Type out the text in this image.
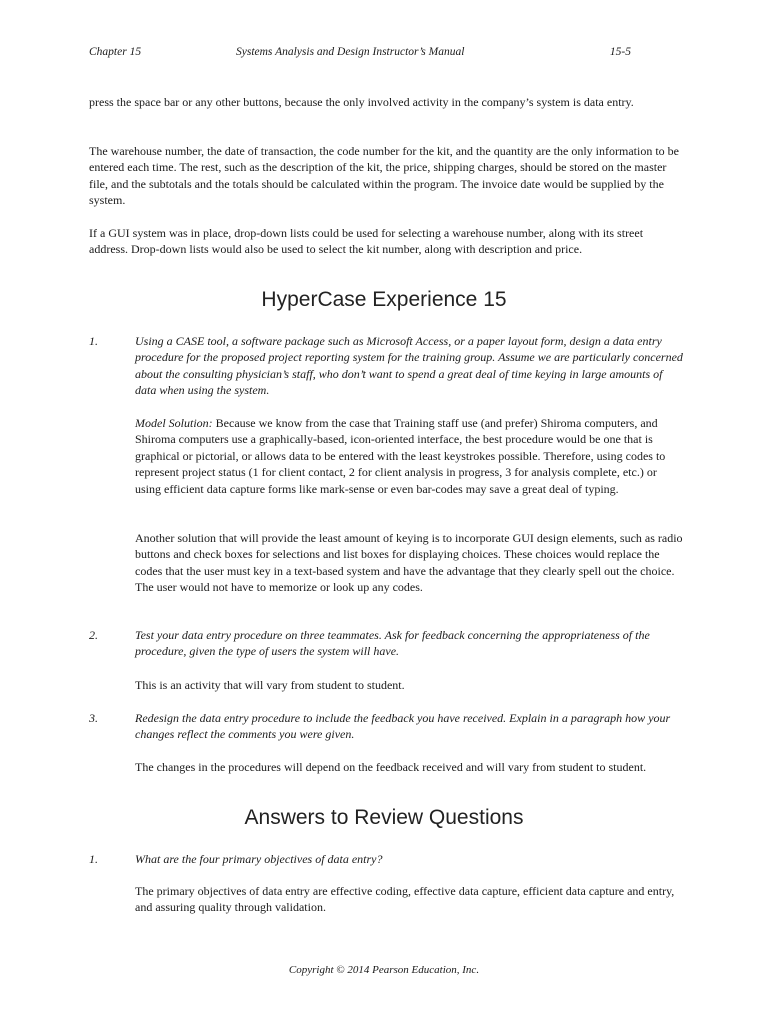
Chapter 15	Systems Analysis and Design Instructor’s Manual	15-5

press the space bar or any other buttons, because the only involved activity in the company’s system is data entry.

The warehouse number, the date of transaction, the code number for the kit, and the quantity are the only information to be entered each time. The rest, such as the description of the kit, the price, shipping charges, should be stored on the master file, and the subtotals and the totals should be calculated within the program. The invoice date would be supplied by the system.

If a GUI system was in place, drop-down lists could be used for selecting a warehouse number, along with its street address. Drop-down lists would also be used to select the kit number, along with description and price.

HyperCase Experience 15
1.	Using a CASE tool, a software package such as Microsoft Access, or a paper layout form, design a data entry procedure for the proposed project reporting system for the training group. Assume we are particularly concerned about the consulting physician’s staff, who don’t want to spend a great deal of time keying in large amounts of data when using the system.

Model Solution: Because we know from the case that Training staff use (and prefer) Shiroma computers, and Shiroma computers use a graphically-based, icon-oriented interface, the best procedure would be one that is graphical or pictorial, or allows data to be entered with the least keystrokes possible. Therefore, using codes to represent project status (1 for client contact, 2 for client analysis in progress, 3 for analysis complete, etc.) or using efficient data capture forms like mark-sense or even bar-codes may save a great deal of typing.

Another solution that will provide the least amount of keying is to incorporate GUI design elements, such as radio buttons and check boxes for selections and list boxes for displaying choices. These choices would replace the codes that the user must key in a text-based system and have the advantage that they clearly spell out the choice. The user would not have to memorize or look up any codes.

2.	Test your data entry procedure on three teammates. Ask for feedback concerning the appropriateness of the procedure, given the type of users the system will have.

This is an activity that will vary from student to student.

3.	Redesign the data entry procedure to include the feedback you have received. Explain in a paragraph how your changes reflect the comments you were given.

The changes in the procedures will depend on the feedback received and will vary from student to student.

Answers to Review Questions
1.	What are the four primary objectives of data entry?

The primary objectives of data entry are effective coding, effective data capture, efficient data capture and entry, and assuring quality through validation.

Copyright © 2014 Pearson Education, Inc.
